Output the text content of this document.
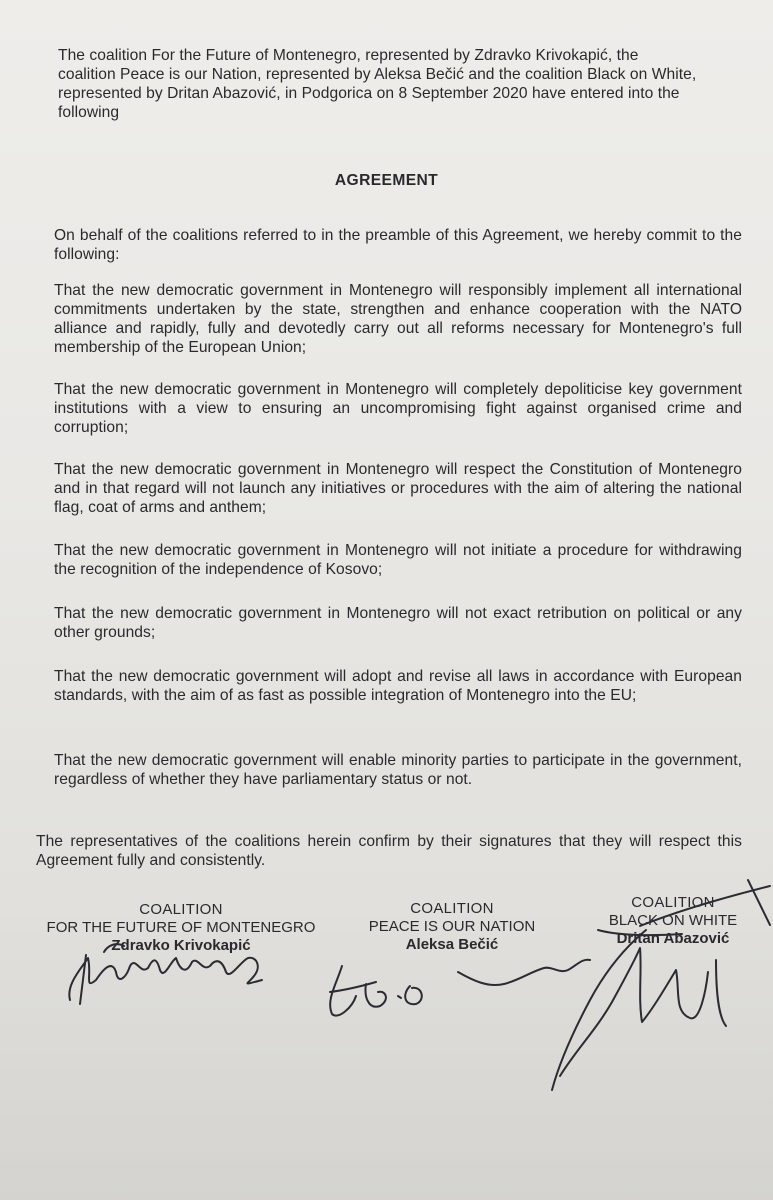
The coalition For the Future of Montenegro, represented by Zdravko Krivokapić, the coalition Peace is our Nation, represented by Aleksa Bečić and the coalition Black on White, represented by Dritan Abazović, in Podgorica on 8 September 2020 have entered into the following
AGREEMENT
On behalf of the coalitions referred to in the preamble of this Agreement, we hereby commit to the following:
That the new democratic government in Montenegro will responsibly implement all international commitments undertaken by the state, strengthen and enhance cooperation with the NATO alliance and rapidly, fully and devotedly carry out all reforms necessary for Montenegro's full membership of the European Union;
That the new democratic government in Montenegro will completely depoliticise key government institutions with a view to ensuring an uncompromising fight against organised crime and corruption;
That the new democratic government in Montenegro will respect the Constitution of Montenegro and in that regard will not launch any initiatives or procedures with the aim of altering the national flag, coat of arms and anthem;
That the new democratic government in Montenegro will not initiate a procedure for withdrawing the recognition of the independence of Kosovo;
That the new democratic government in Montenegro will not exact retribution on political or any other grounds;
That the new democratic government will adopt and revise all laws in accordance with European standards, with the aim of as fast as possible integration of Montenegro into the EU;
That the new democratic government will enable minority parties to participate in the government, regardless of whether they have parliamentary status or not.
The representatives of the coalitions herein confirm by their signatures that they will respect this Agreement fully and consistently.
COALITION
FOR THE FUTURE OF MONTENEGRO
Zdravko Krivokapić
COALITION
PEACE IS OUR NATION
Aleksa Bečić
COALITION
BLACK ON WHITE
Dritan Abazović
